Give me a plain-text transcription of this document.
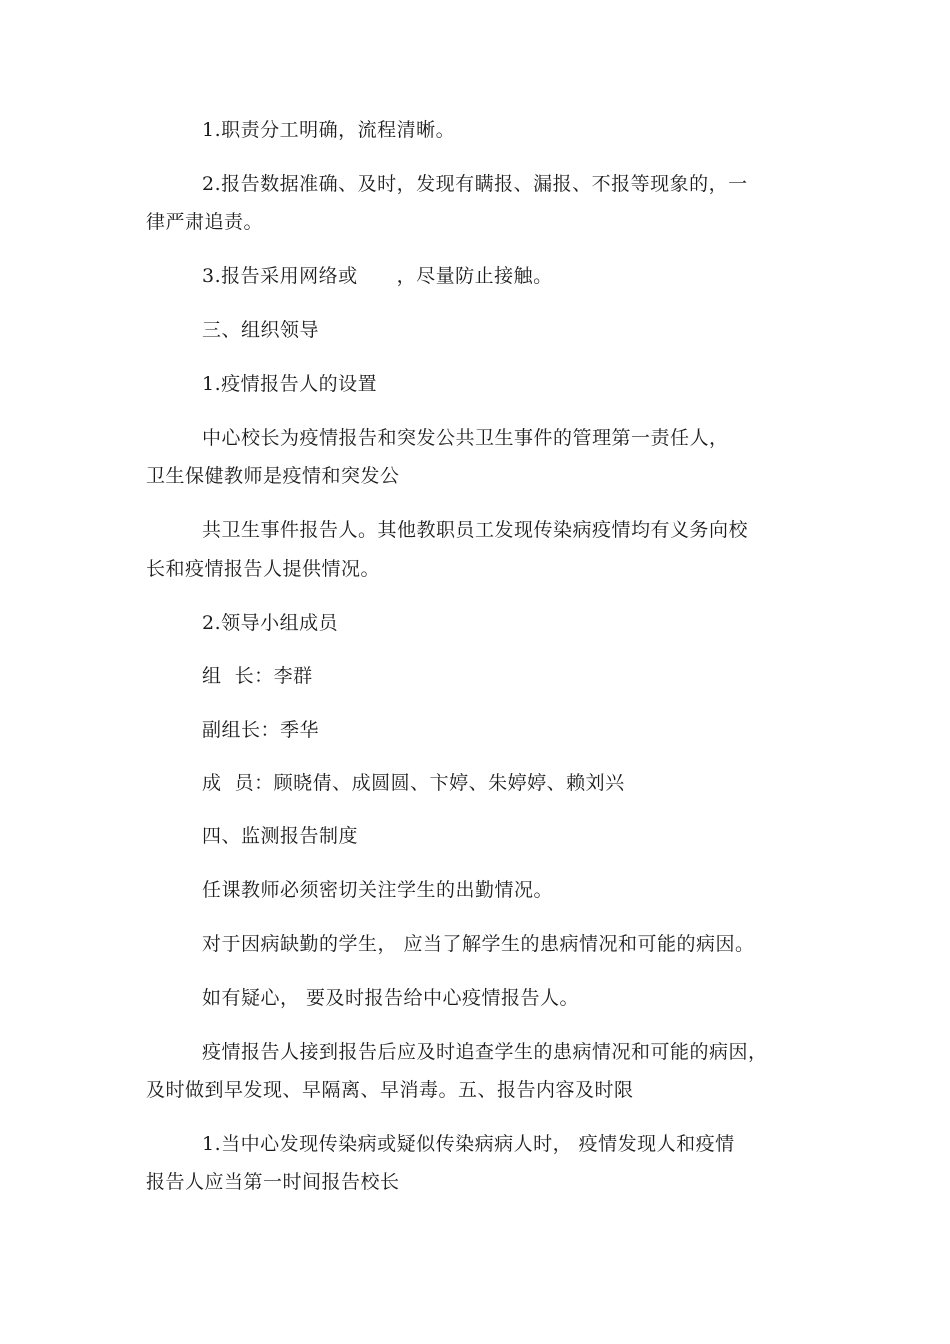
1.职责分工明确，流程清晰。
2.报告数据准确、及时，发现有瞒报、漏报、不报等现象的，一
律严肃追责。
3.报告采用网络或　　，尽量防止接触。
三、组织领导
1.疫情报告人的设置
中心校长为疫情报告和突发公共卫生事件的管理第一责任人，
卫生保健教师是疫情和突发公
共卫生事件报告人。其他教职员工发现传染病疫情均有义务向校
长和疫情报告人提供情况。
2.领导小组成员
组  长：李群
副组长：季华
成  员：顾晓倩、成圆圆、卞婷、朱婷婷、赖刘兴
四、监测报告制度
任课教师必须密切关注学生的出勤情况。
对于因病缺勤的学生， 应当了解学生的患病情况和可能的病因。
如有疑心， 要及时报告给中心疫情报告人。
疫情报告人接到报告后应及时追查学生的患病情况和可能的病因，
及时做到早发现、早隔离、早消毒。五、报告内容及时限
1.当中心发现传染病或疑似传染病病人时， 疫情发现人和疫情
报告人应当第一时间报告校长
